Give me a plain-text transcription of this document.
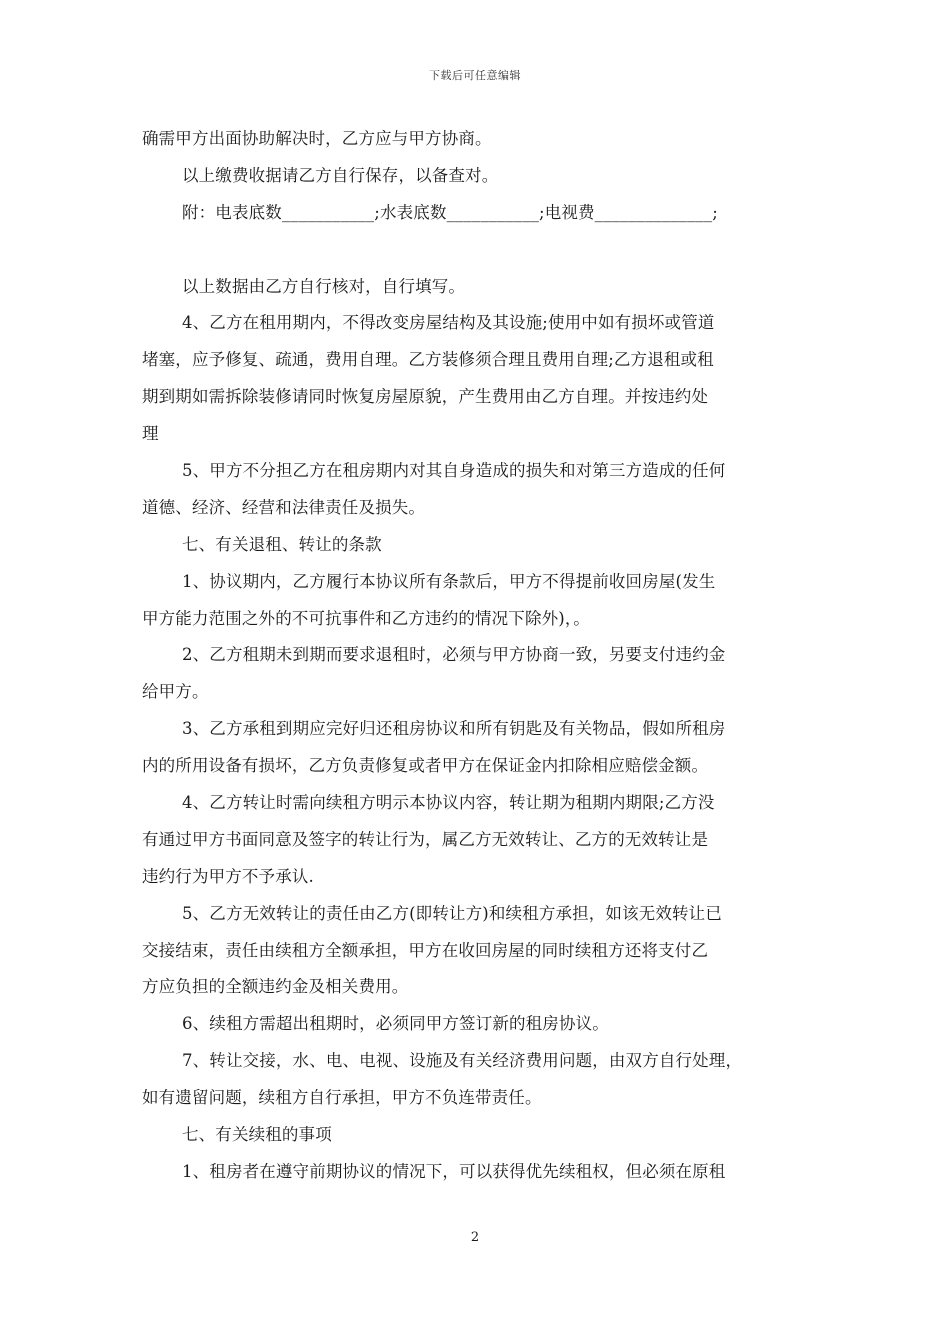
下载后可任意编辑
确需甲方出面协助解决时，乙方应与甲方协商。
以上缴费收据请乙方自行保存，以备查对。
附：电表底数___________;水表底数___________;电视费______________;
以上数据由乙方自行核对，自行填写。
4、乙方在租用期内，不得改变房屋结构及其设施;使用中如有损坏或管道
堵塞，应予修复、疏通，费用自理。乙方装修须合理且费用自理;乙方退租或租
期到期如需拆除装修请同时恢复房屋原貌，产生费用由乙方自理。并按违约处
理
5、甲方不分担乙方在租房期内对其自身造成的损失和对第三方造成的任何
道德、经济、经营和法律责任及损失。
七、有关退租、转让的条款
1、协议期内，乙方履行本协议所有条款后，甲方不得提前收回房屋(发生
甲方能力范围之外的不可抗事件和乙方违约的情况下除外)，。
2、乙方租期未到期而要求退租时，必须与甲方协商一致，另要支付违约金
给甲方。
3、乙方承租到期应完好归还租房协议和所有钥匙及有关物品，假如所租房
内的所用设备有损坏，乙方负责修复或者甲方在保证金内扣除相应赔偿金额。
4、乙方转让时需向续租方明示本协议内容，转让期为租期内期限;乙方没
有通过甲方书面同意及签字的转让行为，属乙方无效转让、乙方的无效转让是
违约行为甲方不予承认.
5、乙方无效转让的责任由乙方(即转让方)和续租方承担，如该无效转让已
交接结束，责任由续租方全额承担，甲方在收回房屋的同时续租方还将支付乙
方应负担的全额违约金及相关费用。
6、续租方需超出租期时，必须同甲方签订新的租房协议。
7、转让交接，水、电、电视、设施及有关经济费用问题，由双方自行处理，
如有遗留问题，续租方自行承担，甲方不负连带责任。
七、有关续租的事项
1、租房者在遵守前期协议的情况下，可以获得优先续租权，但必须在原租
2
